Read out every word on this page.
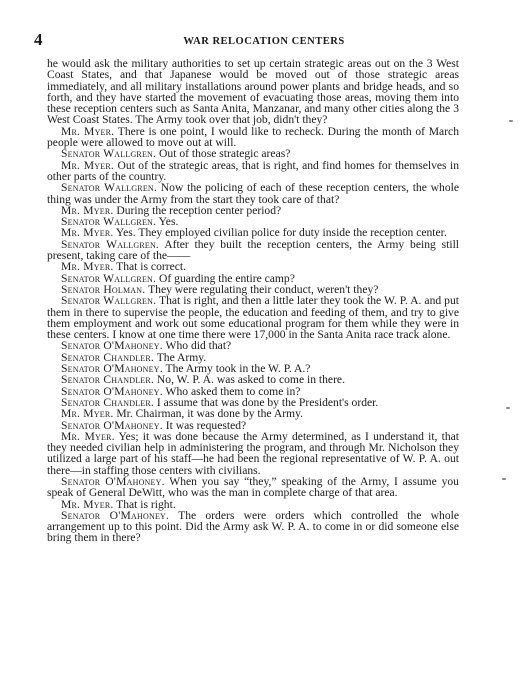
4	WAR RELOCATION CENTERS

he would ask the military authorities to set up certain strategic areas out on the 3 West Coast States, and that Japanese would be moved out of those strategic areas immediately, and all military installations around power plants and bridge heads, and so forth, and they have started the movement of evacuating those areas, moving them into these reception centers such as Santa Anita, Manzanar, and many other cities along the 3 West Coast States. The Army took over that job, didn't they?

Mr. Myer. There is one point, I would like to recheck. During the month of March people were allowed to move out at will.

Senator Wallgren. Out of those strategic areas?

Mr. Myer. Out of the strategic areas, that is right, and find homes for themselves in other parts of the country.

Senator Wallgren. Now the policing of each of these reception centers, the whole thing was under the Army from the start they took care of that?

Mr. Myer. During the reception center period?

Senator Wallgren. Yes.

Mr. Myer. Yes. They employed civilian police for duty inside the reception center.

Senator Wallgren. After they built the reception centers, the Army being still present, taking care of the——

Mr. Myer. That is correct.

Senator Wallgren. Of guarding the entire camp?

Senator Holman. They were regulating their conduct, weren't they?

Senator Wallgren. That is right, and then a little later they took the W. P. A. and put them in there to supervise the people, the education and feeding of them, and try to give them employment and work out some educational program for them while they were in these centers. I know at one time there were 17,000 in the Santa Anita race track alone.

Senator O'Mahoney. Who did that?

Senator Chandler. The Army.

Senator O'Mahoney. The Army took in the W. P. A.?

Senator Chandler. No, W. P. A. was asked to come in there.

Senator O'Mahoney. Who asked them to come in?

Senator Chandler. I assume that was done by the President's order.

Mr. Myer. Mr. Chairman, it was done by the Army.

Senator O'Mahoney. It was requested?

Mr. Myer. Yes; it was done because the Army determined, as I understand it, that they needed civilian help in administering the program, and through Mr. Nicholson they utilized a large part of his staff—he had been the regional representative of W. P. A. out there—in staffing those centers with civilians.

Senator O'Mahoney. When you say “they,” speaking of the Army, I assume you speak of General DeWitt, who was the man in complete charge of that area.

Mr. Myer. That is right.

Senator O'Mahoney. The orders were orders which controlled the whole arrangement up to this point. Did the Army ask W. P. A. to come in or did someone else bring them in there?
